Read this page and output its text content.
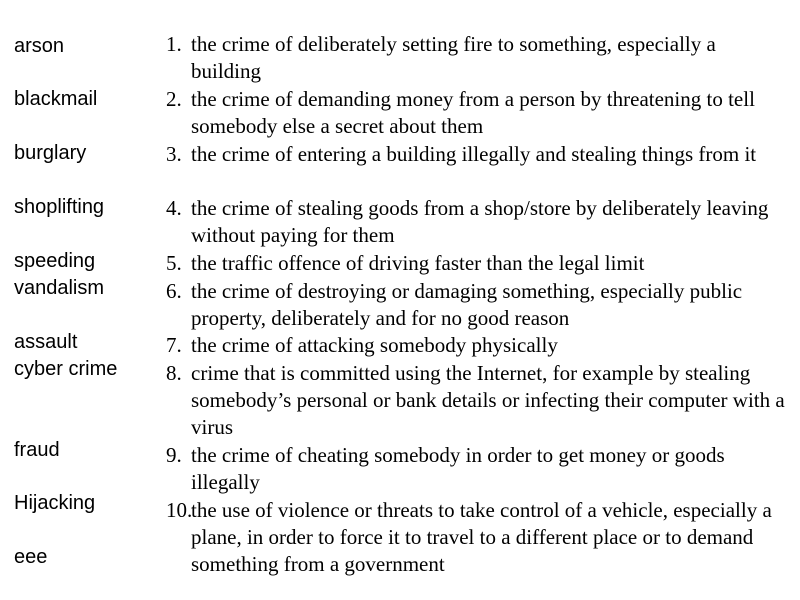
arson
blackmail
burglary
shoplifting
speeding
vandalism
assault
cyber crime
fraud
Нijacking
eee
1. the crime of deliberately setting fire to something, especially a building
2. the crime of demanding money from a person by threatening to tell somebody else a secret about them
3. the crime of entering a building illegally and stealing things from it
4. the crime of stealing goods from a shop/store by deliberately leaving without paying for them
5. the traffic offence of driving faster than the legal limit
6. the crime of destroying or damaging something, especially public property, deliberately and for no good reason
7. the crime of attacking somebody physically
8. crime that is committed using the Internet, for example by stealing somebody’s personal or bank details or infecting their computer with a virus
9. the crime of cheating somebody in order to get money or goods illegally
10.
the use of violence or threats to take control of a vehicle, especially a plane, in order to force it to travel to a different place or to demand something from a government
